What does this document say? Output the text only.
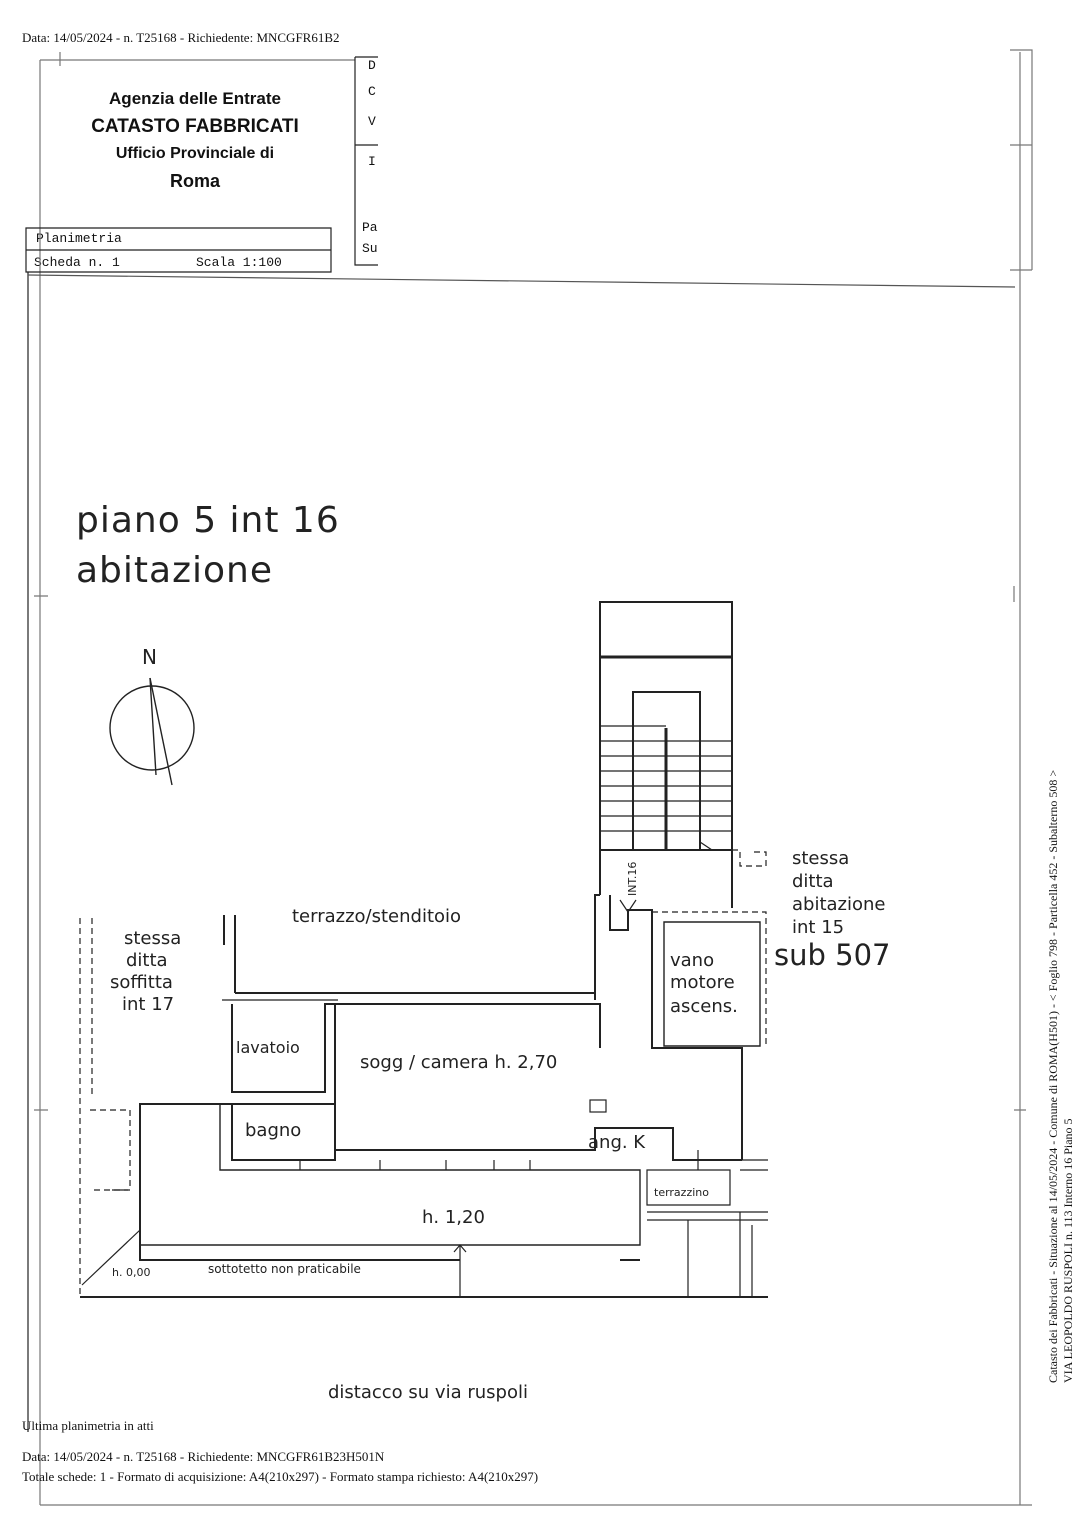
Data: 14/05/2024 - n. T25168 - Richiedente: MNCGFR61B2
Agenzia delle Entrate
CATASTO FABBRICATI
Ufficio Provinciale di
Roma
D
C
V
I
Pa
Su
Planimetria
Scheda n. 1	Scala 1:100
piano 5 int 16
abitazione
N
stessa
ditta
abitazione
int 15
sub 507
stessa
ditta
soffitta
int 17
terrazzo/stenditoio
INT.16
vano
motore
ascens.
lavatoio
sogg / camera h. 2,70
bagno
ang. K
terrazzino
h. 1,20
h. 0,00	sottotetto non praticabile
distacco su via ruspoli
Ultima planimetria in atti
Data: 14/05/2024 - n. T25168 - Richiedente: MNCGFR61B23H501N
Totale schede: 1 - Formato di acquisizione: A4(210x297) - Formato stampa richiesto: A4(210x297)
Catasto dei Fabbricati - Situazione al 14/05/2024 - Comune di ROMA(H501) - < Foglio 798 - Particella 452 - Subalterno 508 > VIA LEOPOLDO RUSPOLI n. 113 Interno 16 Piano 5
